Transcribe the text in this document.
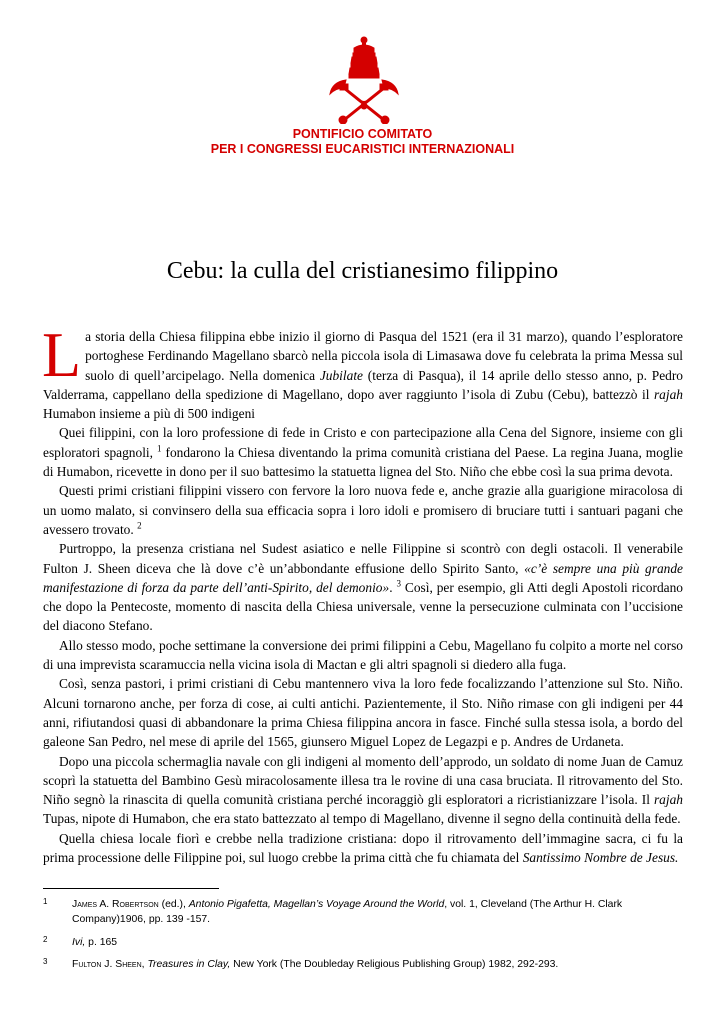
PONTIFICIO COMITATO
PER I CONGRESSI EUCARISTICI INTERNAZIONALI
Cebu: la culla del cristianesimo filippino

La storia della Chiesa filippina ebbe inizio il giorno di Pasqua del 1521 (era il 31 marzo), quando l’esploratore portoghese Ferdinando Magellano sbarcò nella piccola isola di Limasawa dove fu celebrata la prima Messa sul suolo di quell’arcipelago. Nella domenica Jubilate (terza di Pasqua), il 14 aprile dello stesso anno, p. Pedro Valderrama, cappellano della spedizione di Magellano, dopo aver raggiunto l’isola di Zubu (Cebu), battezzò il rajah Humabon insieme a più di 500 indigeni

Quei filippini, con la loro professione di fede in Cristo e con partecipazione alla Cena del Signore, insieme con gli esploratori spagnoli, $^1$ fondarono la Chiesa diventando la prima comunità cristiana del Paese. La regina Juana, moglie di Humabon, ricevette in dono per il suo battesimo la statuetta lignea del Sto. Niño che ebbe così la sua prima devota.

Questi primi cristiani filippini vissero con fervore la loro nuova fede e, anche grazie alla guarigione miracolosa di un uomo malato, si convinsero della sua efficacia sopra i loro idoli e promisero di bruciare tutti i santuari pagani che avessero trovato. $^2$

Purtroppo, la presenza cristiana nel Sudest asiatico e nelle Filippine si scontrò con degli ostacoli. Il venerabile Fulton J. Sheen diceva che là dove c’è un’abbondante effusione dello Spirito Santo, «c’è sempre una più grande manifestazione di forza da parte dell’anti-Spirito, del demonio». $^3$ Così, per esempio, gli Atti degli Apostoli ricordano che dopo la Pentecoste, momento di nascita della Chiesa universale, venne la persecuzione culminata con l’uccisione del diacono Stefano.

Allo stesso modo, poche settimane la conversione dei primi filippini a Cebu, Magellano fu colpito a morte nel corso di una imprevista scaramuccia nella vicina isola di Mactan e gli altri spagnoli si diedero alla fuga.

Così, senza pastori, i primi cristiani di Cebu mantennero viva la loro fede focalizzando l’attenzione sul Sto. Niño. Alcuni tornarono anche, per forza di cose, ai culti antichi. Pazientemente, il Sto. Niño rimase con gli indigeni per 44 anni, rifiutandosi quasi di abbandonare la prima Chiesa filippina ancora in fasce. Finché sulla stessa isola, a bordo del galeone San Pedro, nel mese di aprile del 1565, giunsero Miguel Lopez de Legazpi e p. Andres de Urdaneta.

Dopo una piccola schermaglia navale con gli indigeni al momento dell’approdo, un soldato di nome Juan de Camuz scoprì la statuetta del Bambino Gesù miracolosamente illesa tra le rovine di una casa bruciata. Il ritrovamento del Sto. Niño segnò la rinascita di quella comunità cristiana perché incoraggiò gli esploratori a ricristianizzare l’isola. Il rajah Tupas, nipote di Humabon, che era stato battezzato al tempo di Magellano, divenne il segno della continuità della fede.

Quella chiesa locale fiorì e crebbe nella tradizione cristiana: dopo il ritrovamento dell’immagine sacra, ci fu la prima processione delle Filippine poi, sul luogo crebbe la prima città che fu chiamata del Santissimo Nombre de Jesus.

1 James A. Robertson (ed.), Antonio Pigafetta, Magellan’s Voyage Around the World, vol. 1, Cleveland (The Arthur H. Clark Company)1906, pp. 139 -157.
2 Ivi, p. 165
3 Fulton J. Sheen, Treasures in Clay, New York (The Doubleday Religious Publishing Group) 1982, 292-293.
